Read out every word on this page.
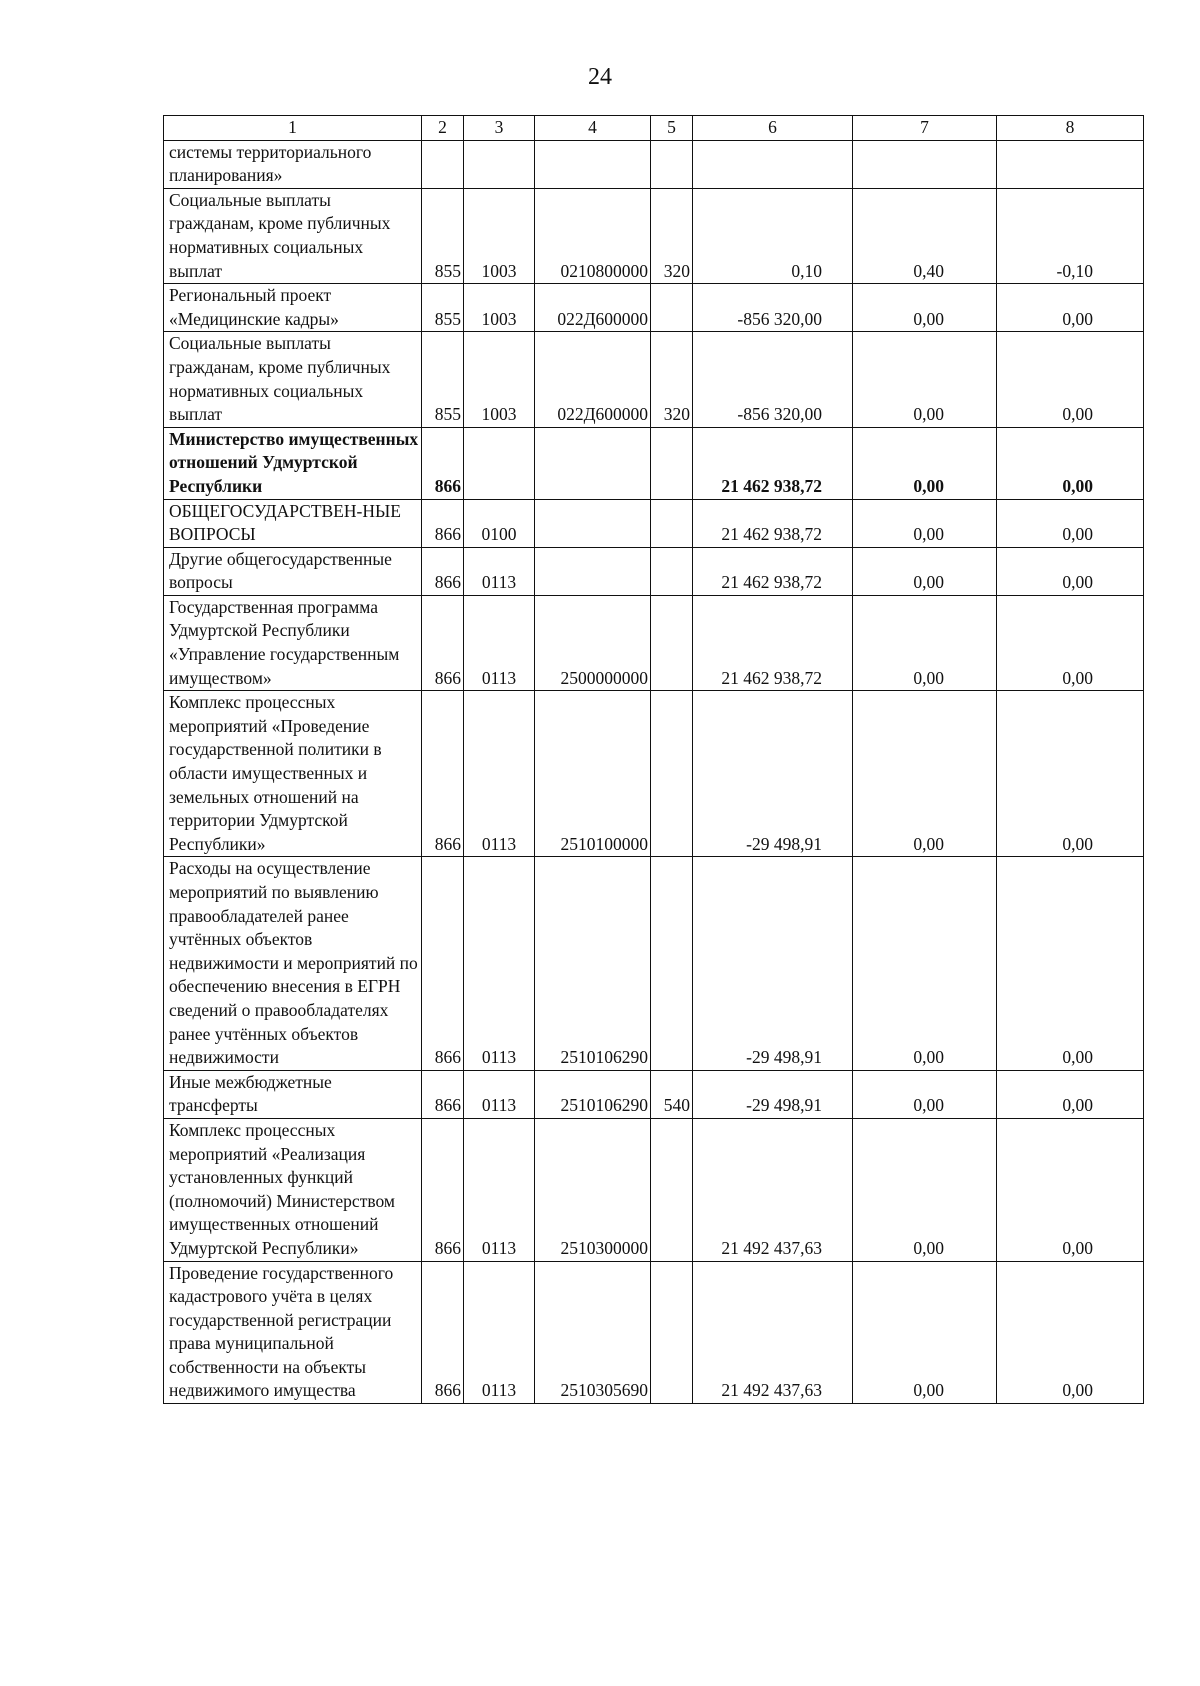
24
1	2	3	4	5	6	7	8
системы территориального планирования»							
Социальные выплаты гражданам, кроме публичных нормативных социальных выплат	855	1003	0210800000	320	0,10	0,40	-0,10
Региональный проект «Медицинские кадры»	855	1003	022Д600000		-856 320,00	0,00	0,00
Социальные выплаты гражданам, кроме публичных нормативных социальных выплат	855	1003	022Д600000	320	-856 320,00	0,00	0,00
Министерство имущественных отношений Удмуртской Республики	866				21 462 938,72	0,00	0,00
ОБЩЕГОСУДАРСТВЕН-НЫЕ ВОПРОСЫ	866	0100			21 462 938,72	0,00	0,00
Другие общегосударственные вопросы	866	0113			21 462 938,72	0,00	0,00
Государственная программа Удмуртской Республики «Управление государственным имуществом»	866	0113	2500000000		21 462 938,72	0,00	0,00
Комплекс процессных мероприятий «Проведение государственной политики в области имущественных и земельных отношений на территории Удмуртской Республики»	866	0113	2510100000		-29 498,91	0,00	0,00
Расходы на осуществление мероприятий по выявлению правообладателей ранее учтённых объектов недвижимости и мероприятий по обеспечению внесения в ЕГРН сведений о правообладателях ранее учтённых объектов недвижимости	866	0113	2510106290		-29 498,91	0,00	0,00
Иные межбюджетные трансферты	866	0113	2510106290	540	-29 498,91	0,00	0,00
Комплекс процессных мероприятий «Реализация установленных функций (полномочий) Министерством имущественных отношений Удмуртской Республики»	866	0113	2510300000		21 492 437,63	0,00	0,00
Проведение государственного кадастрового учёта в целях государственной регистрации права муниципальной собственности на объекты недвижимого имущества	866	0113	2510305690		21 492 437,63	0,00	0,00
